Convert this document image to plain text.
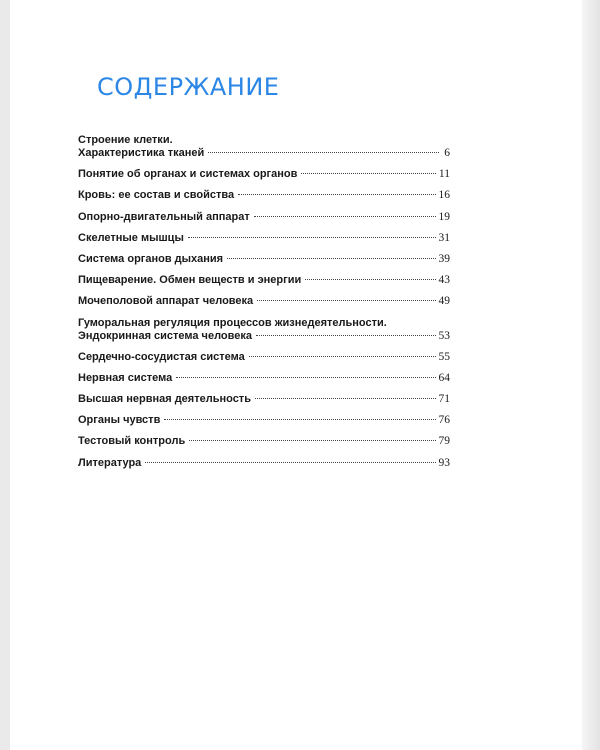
СОДЕРЖАНИЕ
Строение клетки.
Характеристика тканей	6
Понятие об органах и системах органов	11
Кровь: ее состав и свойства	16
Опорно-двигательный аппарат	19
Скелетные мышцы	31
Система органов дыхания	39
Пищеварение. Обмен веществ и энергии	43
Мочеполовой аппарат человека	49
Гуморальная регуляция процессов жизнедеятельности.
Эндокринная система человека	53
Сердечно-сосудистая система	55
Нервная система	64
Высшая нервная деятельность	71
Органы чувств	76
Тестовый контроль	79
Литература	93
